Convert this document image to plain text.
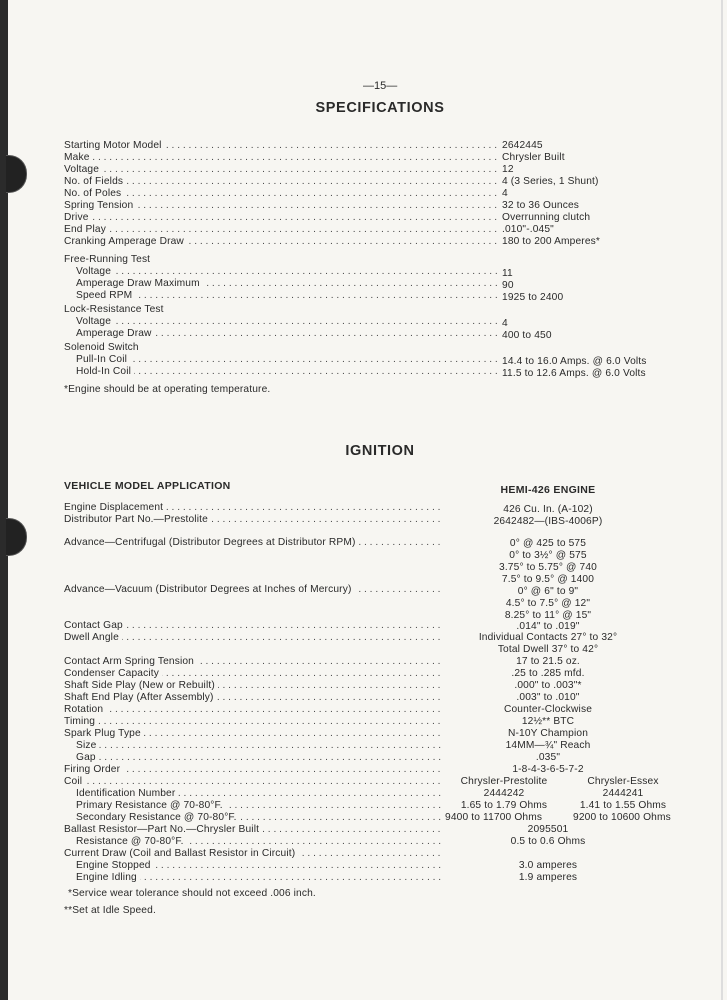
—15—
SPECIFICATIONS
Starting Motor Model . . .	2642445
Make . . .	Chrysler Built
Voltage . . .	12
No. of Fields . . .	4 (3 Series, 1 Shunt)
No. of Poles . . .	4
Spring Tension . . .	32 to 36 Ounces
Drive . . .	Overrunning clutch
End Play . . .	.010"-.045"
Cranking Amperage Draw . . .	180 to 200 Amperes*
Free-Running Test
Voltage . . .	11
Amperage Draw Maximum . . .	90
Speed RPM . . .	1925 to 2400
Lock-Resistance Test
Voltage . . .	4
Amperage Draw . . .	400 to 450
Solenoid Switch
Pull-In Coil . . .	14.4 to 16.0 Amps. @ 6.0 Volts
Hold-In Coil . . .	11.5 to 12.6 Amps. @ 6.0 Volts
*Engine should be at operating temperature.
IGNITION
VEHICLE MODEL APPLICATION	HEMI-426 ENGINE
Engine Displacement . . .	426 Cu. In. (A-102)
Distributor Part No.—Prestolite . . .	2642482—(IBS-4006P)
Advance—Centrifugal (Distributor Degrees at Distributor RPM) . . .	0° @ 425 to 575
0° to 3½° @ 575
3.75° to 5.75° @ 740
7.5° to 9.5° @ 1400
Advance—Vacuum (Distributor Degrees at Inches of Mercury) . . .	0° @ 6" to 9"
4.5° to 7.5° @ 12"
8.25° to 11° @ 15"
Contact Gap . . .	.014" to .019"
Dwell Angle . . .	Individual Contacts 27° to 32°
Total Dwell 37° to 42°
Contact Arm Spring Tension . . .	17 to 21.5 oz.
Condenser Capacity . . .	.25 to .285 mfd.
Shaft Side Play (New or Rebuilt) . . .	.000" to .003"*
Shaft End Play (After Assembly) . . .	.003" to .010"
Rotation . . .	Counter-Clockwise
Timing . . .	12½** BTC
Spark Plug Type . . .	N-10Y Champion
Size . . .	14MM—¾" Reach
Gap . . .	.035"
Firing Order . . .	1-8-4-3-6-5-7-2
Coil . . .	Chrysler-Prestolite	Chrysler-Essex
Identification Number . . .	2444242	2444241
Primary Resistance @ 70-80°F. . . .	1.65 to 1.79 Ohms	1.41 to 1.55 Ohms
Secondary Resistance @ 70-80°F. . . .	9400 to 11700 Ohms	9200 to 10600 Ohms
Ballast Resistor—Part No.—Chrysler Built . . .	2095501
Resistance @ 70-80°F. . . .	0.5 to 0.6 Ohms
Current Draw (Coil and Ballast Resistor in Circuit)
. . .
Engine Stopped . . .	3.0 amperes
Engine Idling . . .	1.9 amperes
*Service wear tolerance should not exceed .006 inch.
**Set at Idle Speed.
